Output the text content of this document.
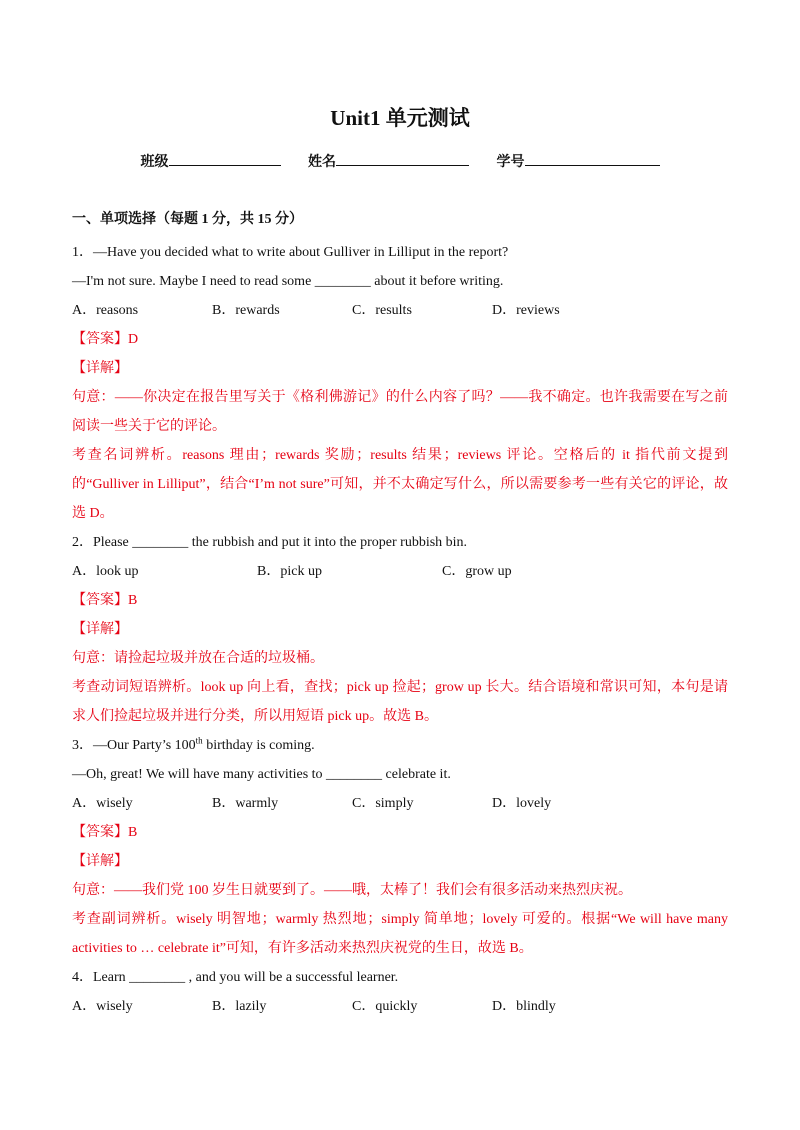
Unit1 单元测试
班级	姓名	学号

一、单项选择（每题 1 分，共 15 分）

1．—Have you decided what to write about Gulliver in Lilliput in the report?

—I'm not sure. Maybe I need to read some ________ about it before writing.

A．reasons	B．rewards	C．results	D．reviews

【答案】D

【详解】

句意：——你决定在报告里写关于《格利佛游记》的什么内容了吗？——我不确定。也许我需要在写之前阅读一些关于它的评论。

考查名词辨析。reasons 理由；rewards 奖励；results 结果；reviews 评论。空格后的 it 指代前文提到的“Gulliver in Lilliput”，结合“I’m not sure”可知，并不太确定写什么，所以需要参考一些有关它的评论，故选 D。

2．Please ________ the rubbish and put it into the proper rubbish bin.

A．look up	B．pick up	C．grow up

【答案】B

【详解】

句意：请捡起垃圾并放在合适的垃圾桶。

考查动词短语辨析。look up 向上看，查找；pick up 捡起；grow up 长大。结合语境和常识可知，本句是请求人们捡起垃圾并进行分类，所以用短语 pick up。故选 B。

3．—Our Party’s 100th birthday is coming.

—Oh, great! We will have many activities to ________ celebrate it.

A．wisely	B．warmly	C．simply	D．lovely

【答案】B

【详解】

句意：——我们党 100 岁生日就要到了。——哦，太棒了！我们会有很多活动来热烈庆祝。

考查副词辨析。wisely 明智地；warmly 热烈地；simply 简单地；lovely 可爱的。根据“We will have many activities to … celebrate it”可知，有许多活动来热烈庆祝党的生日，故选 B。

4．Learn ________ , and you will be a successful learner.

A．wisely	B．lazily	C．quickly	D．blindly
